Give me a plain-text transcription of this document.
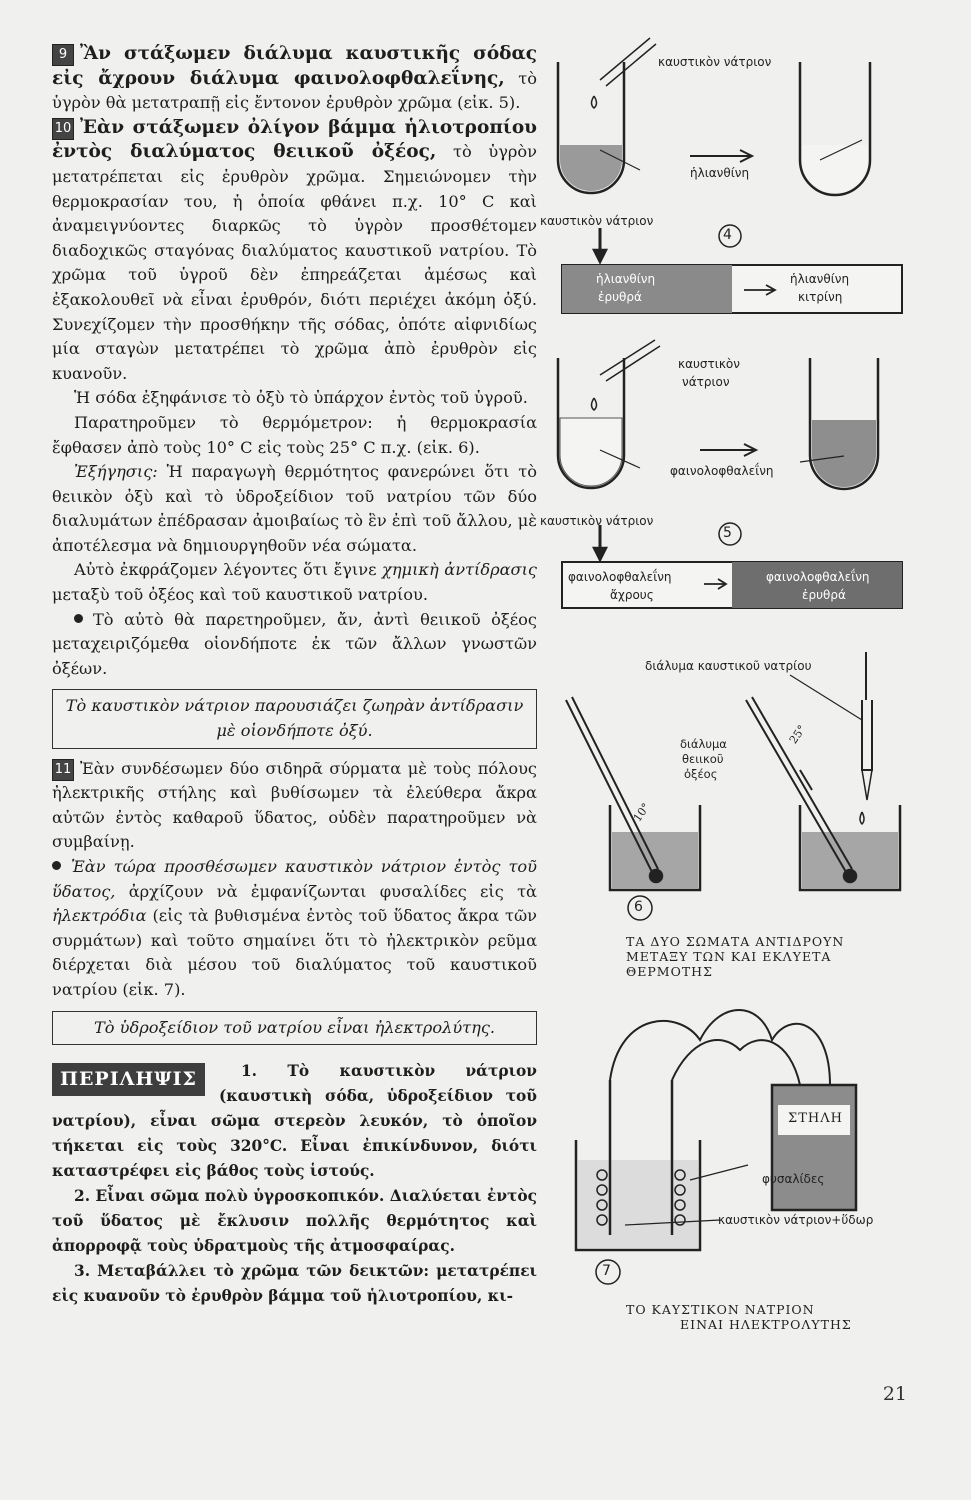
9 Ἂν στάξωμεν διάλυμα καυστικῆς σόδας εἰς ἄχρουν διάλυμα φαινολοφθαλεΐνης, τὸ ὑγρὸν θὰ μετατραπῇ εἰς ἔντονον ἐρυθρὸν χρῶμα (εἰκ. 5).

10 Ἐὰν στάξωμεν ὀλίγον βάμμα ἡλιοτροπίου ἐντὸς διαλύματος θειικοῦ ὀξέος, τὸ ὑγρὸν μετατρέπεται εἰς ἐρυθρὸν χρῶμα. Σημειώνομεν τὴν θερμοκρασίαν του, ἡ ὁποία φθάνει π.χ. 10° C καὶ ἀναμειγνύοντες διαρκῶς τὸ ὑγρὸν προσθέτομεν διαδοχικῶς σταγόνας διαλύματος καυστικοῦ νατρίου. Τὸ χρῶμα τοῦ ὑγροῦ δὲν ἐπηρεάζεται ἀμέσως καὶ ἐξακολουθεῖ νὰ εἶναι ἐρυθρόν, διότι περιέχει ἀκόμη ὀξύ. Συνεχίζομεν τὴν προσθήκην τῆς σόδας, ὁπότε αἰφνιδίως μία σταγὼν μετατρέπει τὸ χρῶμα ἀπὸ ἐρυθρὸν εἰς κυανοῦν.

Ἡ σόδα ἐξηφάνισε τὸ ὀξὺ τὸ ὑπάρχον ἐντὸς τοῦ ὑγροῦ.

Παρατηροῦμεν τὸ θερμόμετρον: ἡ θερμοκρασία ἔφθασεν ἀπὸ τοὺς 10° C εἰς τοὺς 25° C π.χ. (εἰκ. 6).

Ἐξήγησις: Ἡ παραγωγὴ θερμότητος φανερώνει ὅτι τὸ θειικὸν ὀξὺ καὶ τὸ ὑδροξείδιον τοῦ νατρίου τῶν δύο διαλυμάτων ἐπέδρασαν ἀμοιβαίως τὸ ἓν ἐπὶ τοῦ ἄλλου, μὲ ἀποτέλεσμα νὰ δημιουργηθοῦν νέα σώματα.

Αὐτὸ ἐκφράζομεν λέγοντες ὅτι ἔγινε χημικὴ ἀντίδρασις μεταξὺ τοῦ ὀξέος καὶ τοῦ καυστικοῦ νατρίου.

Τὸ αὐτὸ θὰ παρετηροῦμεν, ἄν, ἀντὶ θειικοῦ ὀξέος μεταχειριζόμεθα οἱονδήποτε ἐκ τῶν ἄλλων γνωστῶν ὀξέων.

Τὸ καυστικὸν νάτριον παρουσιάζει ζωηρὰν ἀντίδρασιν μὲ οἱονδήποτε ὀξύ.

11 Ἐὰν συνδέσωμεν δύο σιδηρᾶ σύρματα μὲ τοὺς πόλους ἠλεκτρικῆς στήλης καὶ βυθίσωμεν τὰ ἐλεύθερα ἄκρα αὐτῶν ἐντὸς καθαροῦ ὕδατος, οὐδὲν παρατηροῦμεν νὰ συμβαίνῃ.

Ἐὰν τώρα προσθέσωμεν καυστικὸν νάτριον ἐντὸς τοῦ ὕδατος, ἀρχίζουν νὰ ἐμφανίζωνται φυσαλίδες εἰς τὰ ἠλεκτρόδια (εἰς τὰ βυθισμένα ἐντὸς τοῦ ὕδατος ἄκρα τῶν συρμάτων) καὶ τοῦτο σημαίνει ὅτι τὸ ἠλεκτρικὸν ρεῦμα διέρχεται διὰ μέσου τοῦ διαλύματος τοῦ καυστικοῦ νατρίου (εἰκ. 7).

Τὸ ὑδροξείδιον τοῦ νατρίου εἶναι ἠλεκτρολύτης.
ΠΕΡΙΛΗΨΙΣ	1. Τὸ καυστικὸν νάτριον (καυστικὴ σόδα, ὑδροξείδιον τοῦ νατρίου), εἶναι σῶμα στερεὸν λευκόν, τὸ ὁποῖον τήκεται εἰς τοὺς 320°C. Εἶναι ἐπικίνδυνον, διότι καταστρέφει εἰς βάθος τοὺς ἱστούς.

2. Εἶναι σῶμα πολὺ ὑγροσκοπικόν. Διαλύεται ἐντὸς τοῦ ὕδατος μὲ ἔκλυσιν πολλῆς θερμότητος καὶ ἀπορροφᾷ τοὺς ὑδρατμοὺς τῆς ἀτμοσφαίρας.

3. Μεταβάλλει τὸ χρῶμα τῶν δεικτῶν: μετατρέπει εἰς κυανοῦν τὸ ἐρυθρὸν βάμμα τοῦ ἡλιοτροπίου, κι-

καυστικὸν νάτριον
ἡλιανθίνη
καυστικὸν νάτριον
4
ἡλιανθίνη
ἐρυθρά
ἡλιανθίνη
κιτρίνη
καυστικὸν
νάτριον
φαινολοφθαλεΐνη
καυστικὸν νάτριον
5
φαινολοφθαλεΐνη
ἄχρους
φαινολοφθαλεΐνη
ἐρυθρά
διάλυμα καυστικοῦ νατρίου
διάλυμα
θειικοῦ
ὀξέος
10°
25°
6
ΤΑ ΔΥΟ ΣΩΜΑΤΑ ΑΝΤΙΔΡΟΥΝ
ΜΕΤΑΞΥ ΤΩΝ ΚΑΙ ΕΚΛΥΕΤΑ
ΘΕΡΜΟΤΗΣ
ΣΤΗΛΗ
φυσαλίδες
καυστικὸν νάτριον+ὕδωρ
7
ΤΟ ΚΑΥΣΤΙΚΟΝ ΝΑΤΡΙΟΝ
ΕΙΝΑΙ ΗΛΕΚΤΡΟΛΥΤΗΣ
21
